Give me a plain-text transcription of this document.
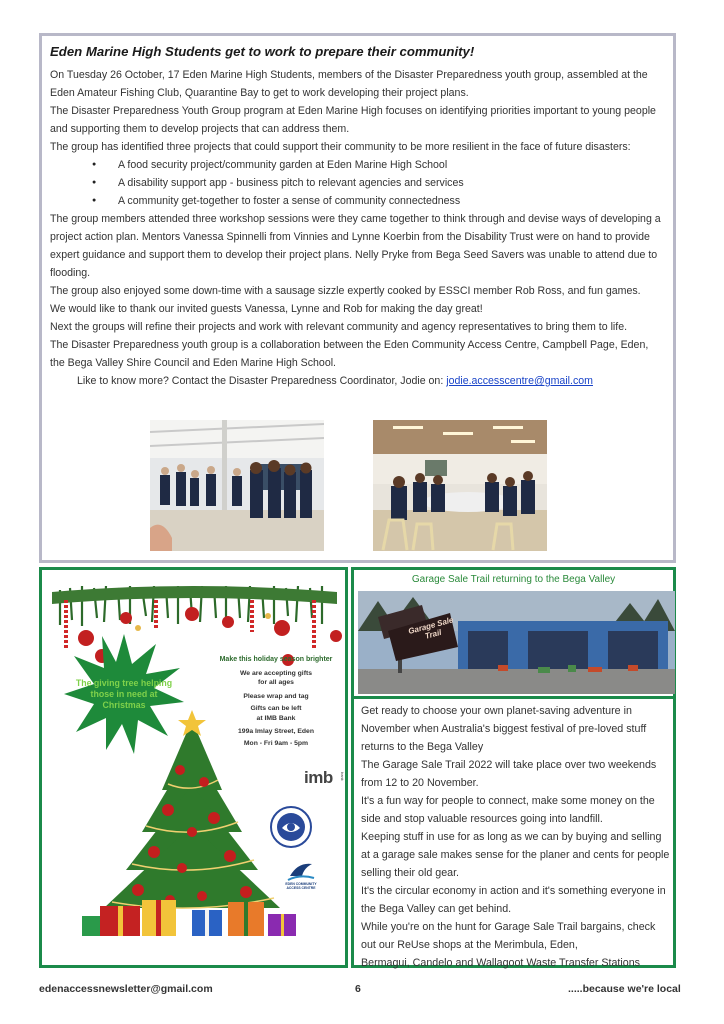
Eden Marine High Students get to work to prepare their community!
On Tuesday 26 October, 17 Eden Marine High Students, members of the Disaster Preparedness youth group, assembled at the Eden Amateur Fishing Club, Quarantine Bay to get to work developing their project plans.
The Disaster Preparedness Youth Group program at Eden Marine High focuses on identifying priorities important to young people and supporting them to develop projects that can address them.
The group has identified three projects that could support their community to be more resilient in the face of future disasters:
● A food security project/community garden at Eden Marine High School
● A disability support app - business pitch to relevant agencies and services
● A community get-together to foster a sense of community connectedness
The group members attended three workshop sessions were they came together to think through and devise ways of developing a project action plan. Mentors Vanessa Spinnelli from Vinnies and Lynne Koerbin from the Disability Trust were on hand to provide expert guidance and support them to develop their project plans. Nelly Pryke from Bega Seed Savers was unable to attend due to flooding.
The group also enjoyed some down-time with a sausage sizzle expertly cooked by ESSCI member Rob Ross, and fun games.
We would like to thank our invited guests Vanessa, Lynne and Rob for making the day great!
Next the groups will refine their projects and work with relevant community and agency representatives to bring them to life.
The Disaster Preparedness youth group is a collaboration between the Eden Community Access Centre, Campbell Page, Eden, the Bega Valley Shire Council and Eden Marine High School.
Like to know more? Contact the Disaster Preparedness Coordinator, Jodie on: jodie.accesscentre@gmail.com
The giving tree helping those in need at Christmas
Make this holiday season brighter
We are accepting gifts
for all ages
Please wrap and tag
Gifts can be left
at IMB Bank
199a Imlay Street, Eden
Mon - Fri 9am - 5pm
imb bank
EDEN COMMUNITY ACCESS CENTRE
Garage Sale Trail returning to the Bega Valley
Garage Sale Trail
Get ready to choose your own planet-saving adventure in November when Australia's biggest festival of pre-loved stuff returns to the Bega Valley
The Garage Sale Trail 2022 will take place over two weekends from 12 to 20 November.
It's a fun way for people to connect, make some money on the side and stop valuable resources going into landfill.
Keeping stuff in use for as long as we can by buying and selling at a garage sale makes sense for the planer and cents for people selling their old gear.
It's the circular economy in action and it's something everyone in the Bega Valley can get behind.
While you're on the hunt for Garage Sale Trail bargains, check out our ReUse shops at the Merimbula, Eden,
Bermagui, Candelo and Wallagoot Waste Transfer Stations
edenaccessnewsletter@gmail.com	6	.....because we're local
